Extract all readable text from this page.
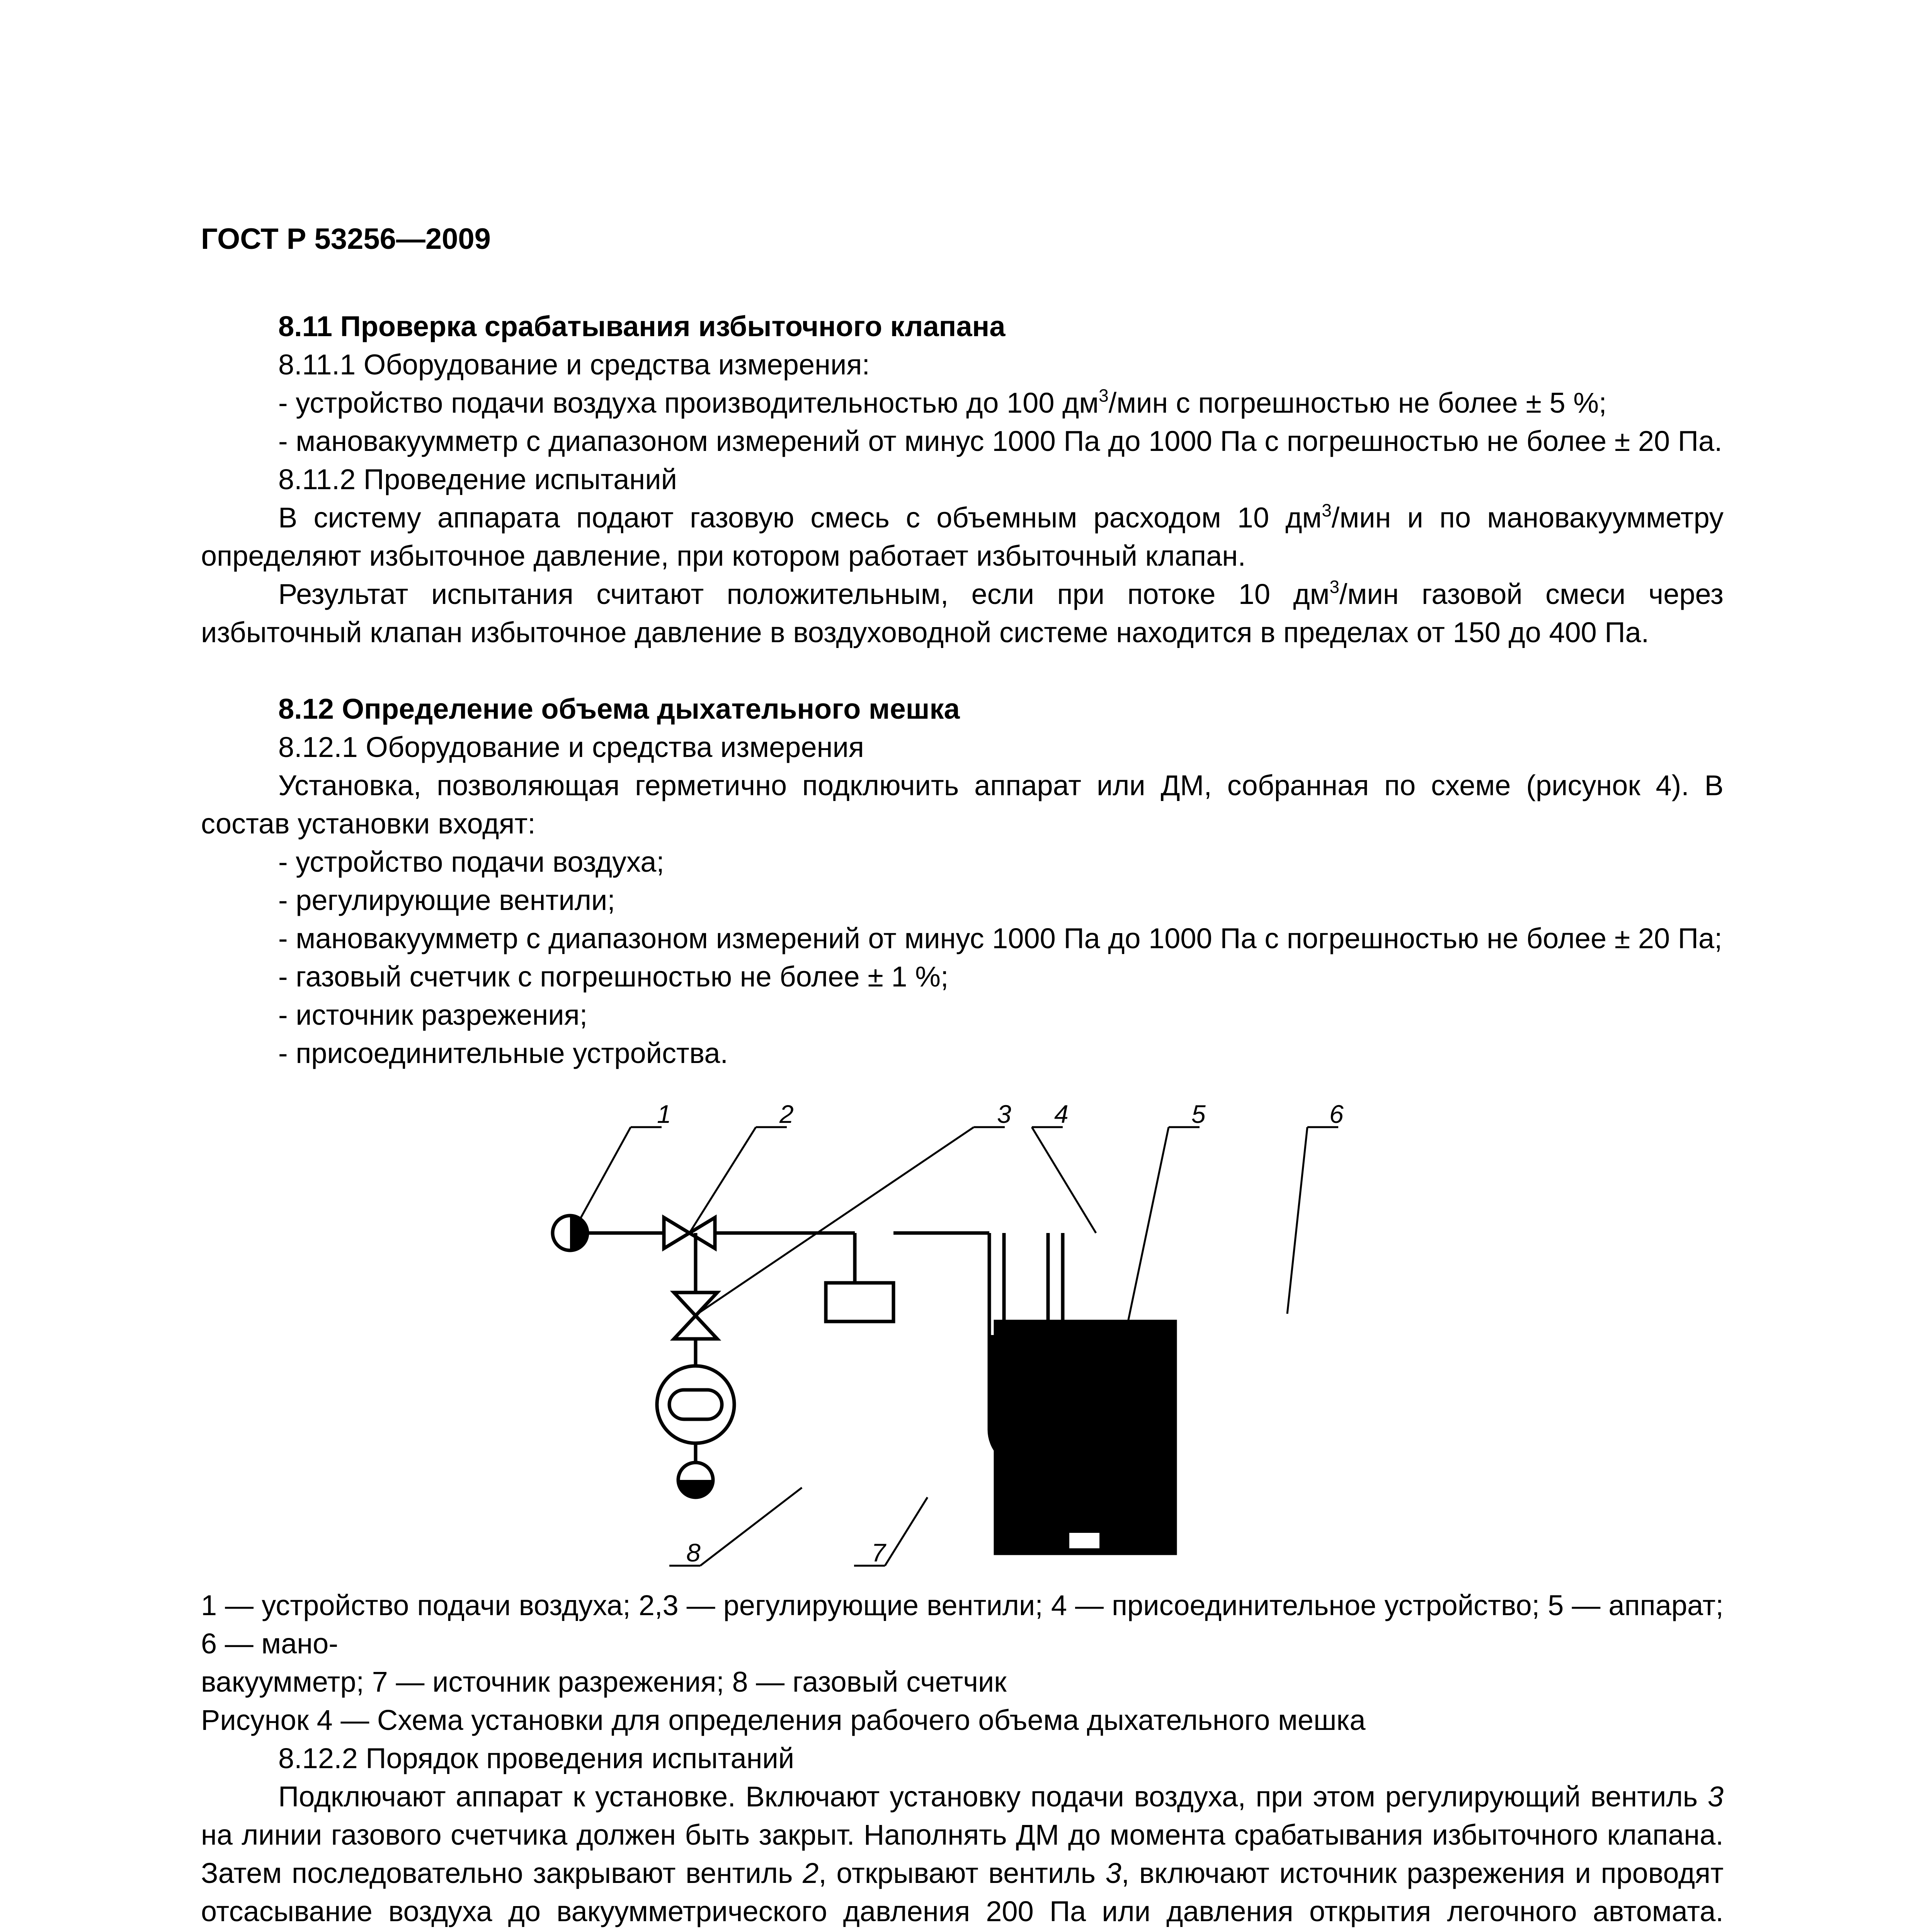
ГОСТ Р 53256—2009

8.11 Проверка срабатывания избыточного клапана

8.11.1 Оборудование и средства измерения:

- устройство подачи воздуха производительностью до 100 $дм^3$/мин с погрешностью не более ± 5 %;

- мановакуумметр с диапазоном измерений от минус 1000 Па до 1000 Па с погрешностью не более ± 20 Па.

8.11.2 Проведение испытаний

В систему аппарата подают газовую смесь с объемным расходом 10 $дм^3$/мин и по мановакуумметру определяют избыточное давление, при котором работает избыточный клапан.

Результат испытания считают положительным, если при потоке 10 $дм^3$/мин газовой смеси через избыточный клапан избыточное давление в воздуховодной системе находится в пределах от 150 до 400 Па.

8.12 Определение объема дыхательного мешка

8.12.1 Оборудование и средства измерения

Установка, позволяющая герметично подключить аппарат или ДМ, собранная по схеме (рисунок 4). В состав установки входят:

- устройство подачи воздуха;

- регулирующие вентили;

- мановакуумметр с диапазоном измерений от минус 1000 Па до 1000 Па с погрешностью не более ± 20 Па;

- газовый счетчик с погрешностью не более ± 1 %;

- источник разрежения;

- присоединительные устройства.

1	2	3 4	5	6
7
8

1 — устройство подачи воздуха; 2,3 — регулирующие вентили; 4 — присоединительное устройство; 5 — аппарат; 6 — мано-

вакуумметр; 7 — источник разрежения; 8 — газовый счетчик

Рисунок 4 — Схема установки для определения рабочего объема дыхательного мешка

8.12.2 Порядок проведения испытаний

Подключают аппарат к установке. Включают установку подачи воздуха, при этом регулирующий вентиль 3 на линии газового счетчика должен быть закрыт. Наполнять ДМ до момента срабатывания избыточного клапана. Затем последовательно закрывают вентиль 2, открывают вентиль 3, включают источник разрежения и проводят отсасывание воздуха до вакуумметрического давления 200 Па или давления открытия легочного автомата.
